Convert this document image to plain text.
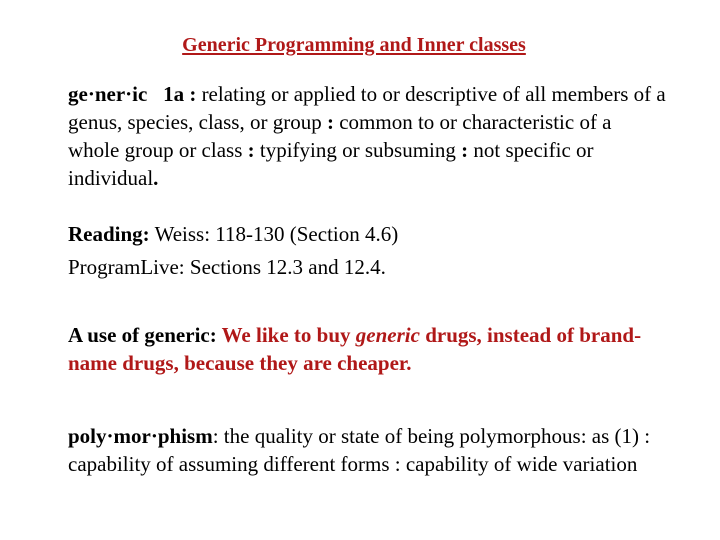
Generic Programming and Inner classes
ge·ner·ic 1a : relating or applied to or descriptive of all members of a genus, species, class, or group : common to or characteristic of a whole group or class : typifying or subsuming : not specific or individual.
Reading: Weiss: 118-130 (Section 4.6)
ProgramLive: Sections 12.3 and 12.4.
A use of generic: We like to buy generic drugs, instead of brand-name drugs, because they are cheaper.
poly·mor·phism: the quality or state of being polymorphous: as (1) : capability of assuming different forms : capability of wide variation
